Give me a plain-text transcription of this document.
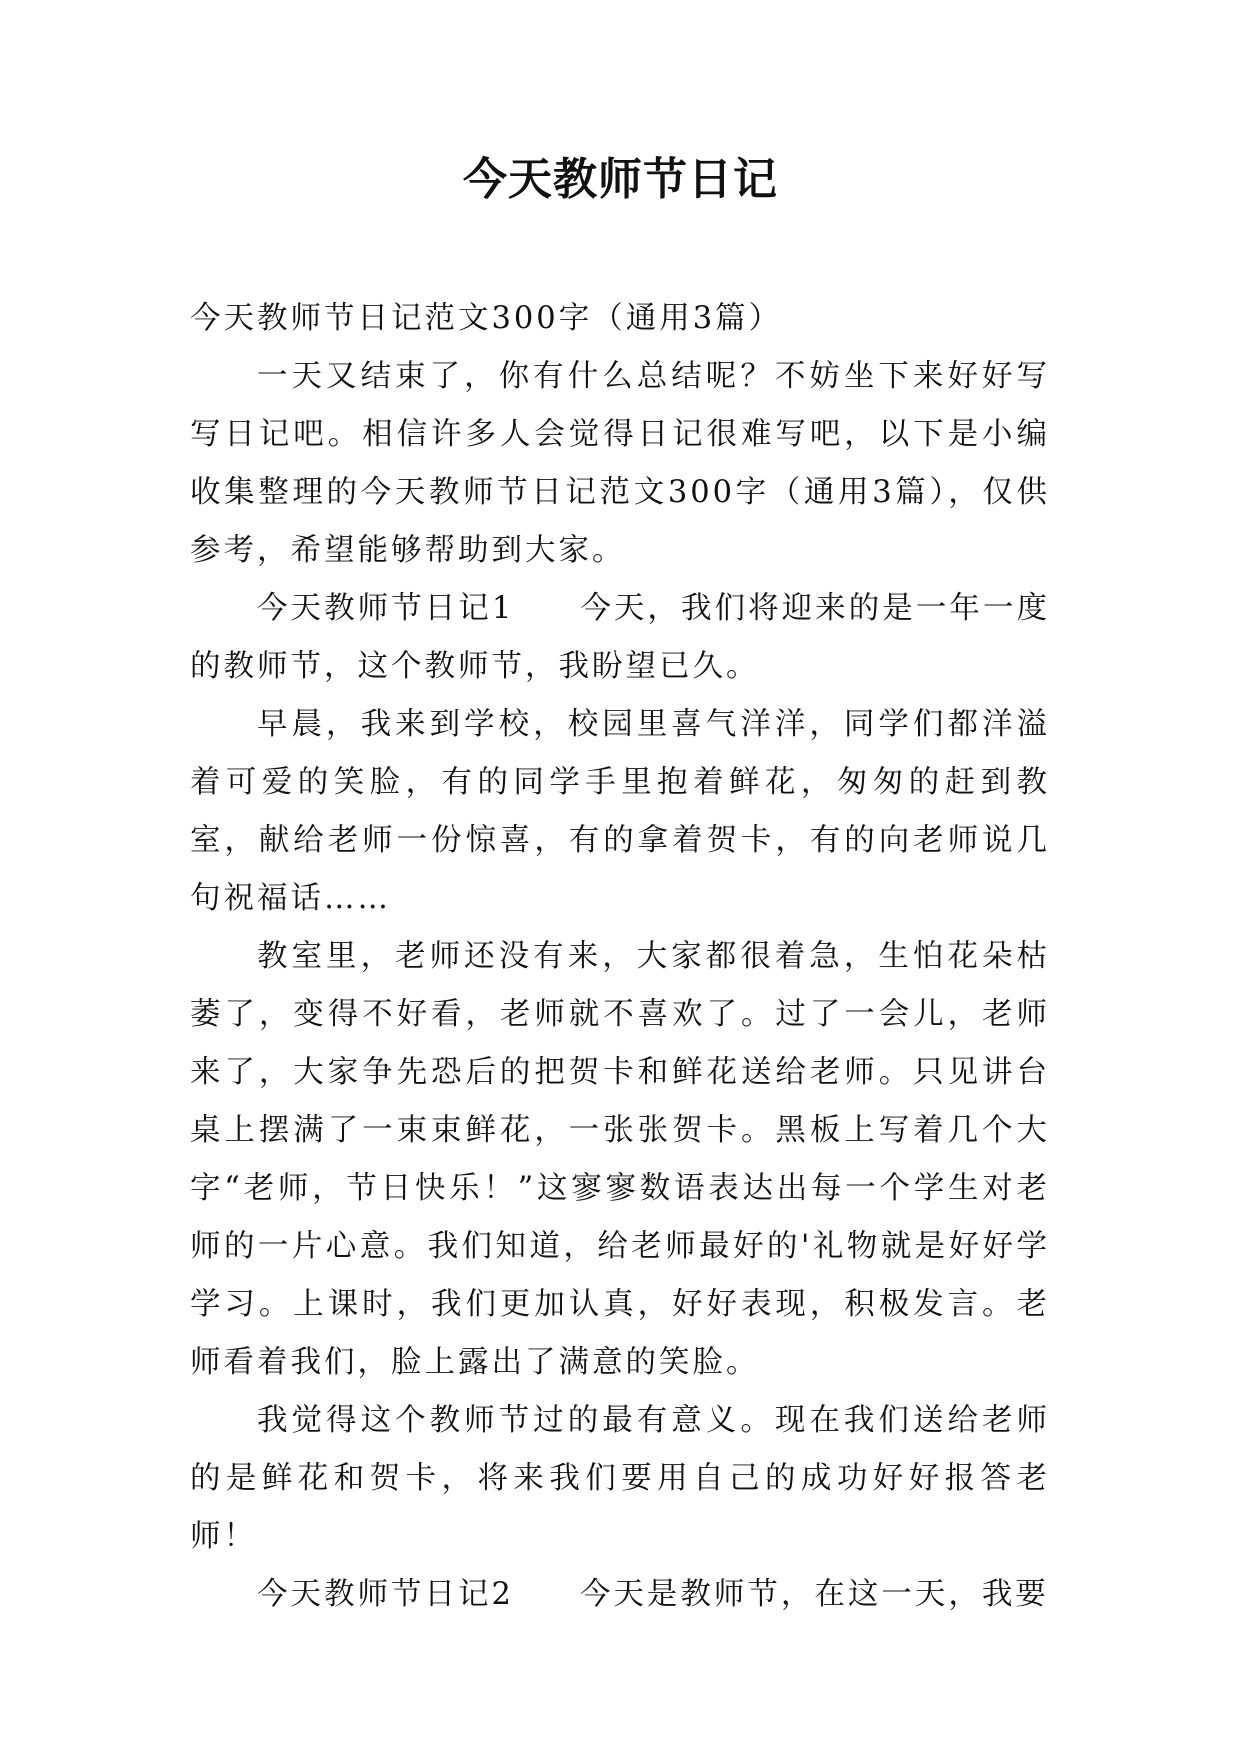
今天教师节日记

今天教师节日记范文300字（通用3篇）

一天又结束了，你有什么总结呢？不妨坐下来好好写写日记吧。相信许多人会觉得日记很难写吧，以下是小编收集整理的今天教师节日记范文300字（通用3篇），仅供参考，希望能够帮助到大家。

今天教师节日记1 今天，我们将迎来的是一年一度的教师节，这个教师节，我盼望已久。

早晨，我来到学校，校园里喜气洋洋，同学们都洋溢着可爱的笑脸，有的同学手里抱着鲜花，匆匆的赶到教室，献给老师一份惊喜，有的拿着贺卡，有的向老师说几句祝福话……

教室里，老师还没有来，大家都很着急，生怕花朵枯萎了，变得不好看，老师就不喜欢了。过了一会儿，老师来了，大家争先恐后的把贺卡和鲜花送给老师。只见讲台桌上摆满了一束束鲜花，一张张贺卡。黑板上写着几个大字“老师，节日快乐！”这寥寥数语表达出每一个学生对老师的一片心意。我们知道，给老师最好的'礼物就是好好学学习。上课时，我们更加认真，好好表现，积极发言。老师看着我们，脸上露出了满意的笑脸。

我觉得这个教师节过的最有意义。现在我们送给老师的是鲜花和贺卡，将来我们要用自己的成功好好报答老师！

今天教师节日记2 今天是教师节，在这一天，我要
